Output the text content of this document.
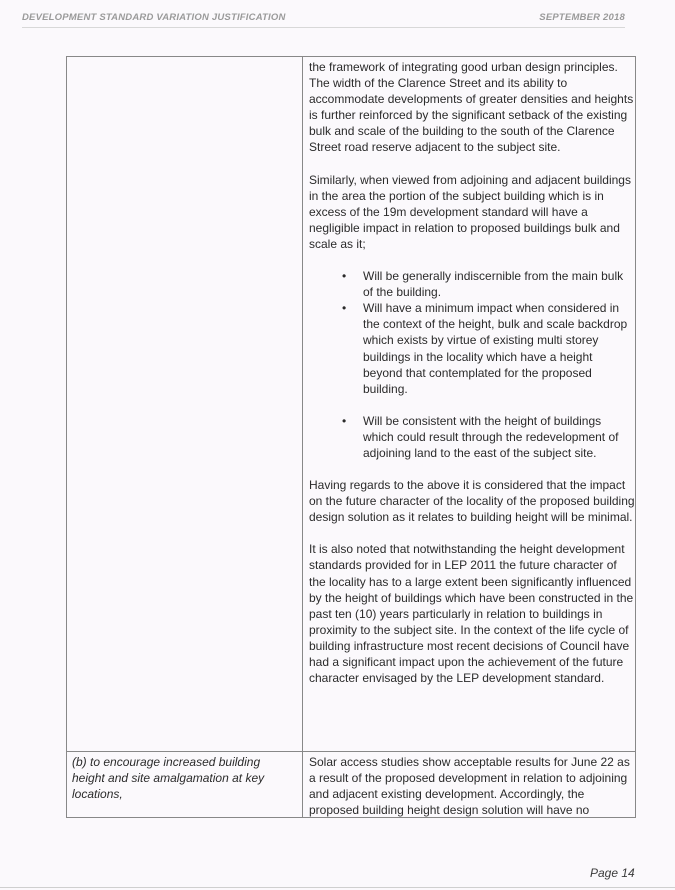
DEVELOPMENT STANDARD VARIATION JUSTIFICATION	SEPTEMBER 2018

the framework of integrating good urban design principles. The width of the Clarence Street and its ability to accommodate developments of greater densities and heights is further reinforced by the significant setback of the existing bulk and scale of the building to the south of the Clarence Street road reserve adjacent to the subject site.

Similarly, when viewed from adjoining and adjacent buildings in the area the portion of the subject building which is in excess of the 19m development standard will have a negligible impact in relation to proposed buildings bulk and scale as it;

• Will be generally indiscernible from the main bulk of the building.
• Will have a minimum impact when considered in the context of the height, bulk and scale backdrop which exists by virtue of existing multi storey buildings in the locality which have a height beyond that contemplated for the proposed building.
• Will be consistent with the height of buildings which could result through the redevelopment of adjoining land to the east of the subject site.

Having regards to the above it is considered that the impact on the future character of the locality of the proposed building design solution as it relates to building height will be minimal.

It is also noted that notwithstanding the height development standards provided for in LEP 2011 the future character of the locality has to a large extent been significantly influenced by the height of buildings which have been constructed in the past ten (10) years particularly in relation to buildings in proximity to the subject site. In the context of the life cycle of building infrastructure most recent decisions of Council have had a significant impact upon the achievement of the future character envisaged by the LEP development standard.

(b) to encourage increased building height and site amalgamation at key locations,
Solar access studies show acceptable results for June 22 as a result of the proposed development in relation to adjoining and adjacent existing development. Accordingly, the proposed building height design solution will have no
Page 14
